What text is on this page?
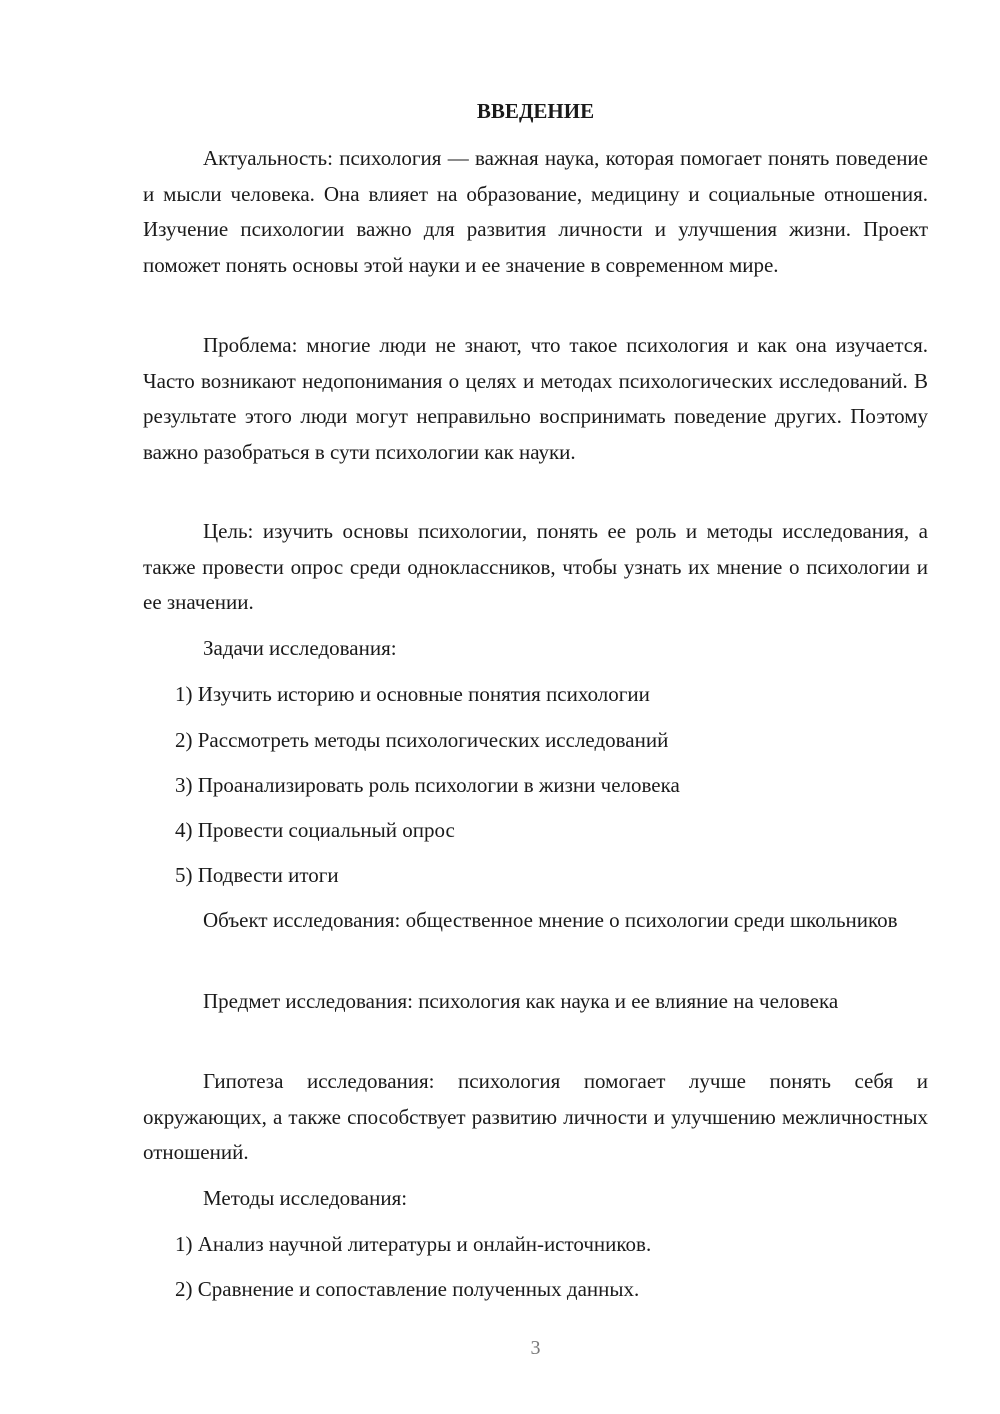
ВВЕДЕНИЕ

Актуальность: психология — важная наука, которая помогает понять поведение и мысли человека. Она влияет на образование, медицину и социальные отношения. Изучение психологии важно для развития личности и улучшения жизни. Проект поможет понять основы этой науки и ее значение в современном мире.

Проблема: многие люди не знают, что такое психология и как она изучается. Часто возникают недопонимания о целях и методах психологических исследований. В результате этого люди могут неправильно воспринимать поведение других. Поэтому важно разобраться в сути психологии как науки.

Цель: изучить основы психологии, понять ее роль и методы исследования, а также провести опрос среди одноклассников, чтобы узнать их мнение о психологии и ее значении.

Задачи исследования:

1) Изучить историю и основные понятия психологии

2) Рассмотреть методы психологических исследований

3) Проанализировать роль психологии в жизни человека

4) Провести социальный опрос

5) Подвести итоги

Объект исследования: общественное мнение о психологии среди школьников

Предмет исследования: психология как наука и ее влияние на человека

Гипотеза исследования: психология помогает лучше понять себя и окружающих, а также способствует развитию личности и улучшению межличностных отношений.

Методы исследования:

1) Анализ научной литературы и онлайн-источников.

2) Сравнение и сопоставление полученных данных.

3
